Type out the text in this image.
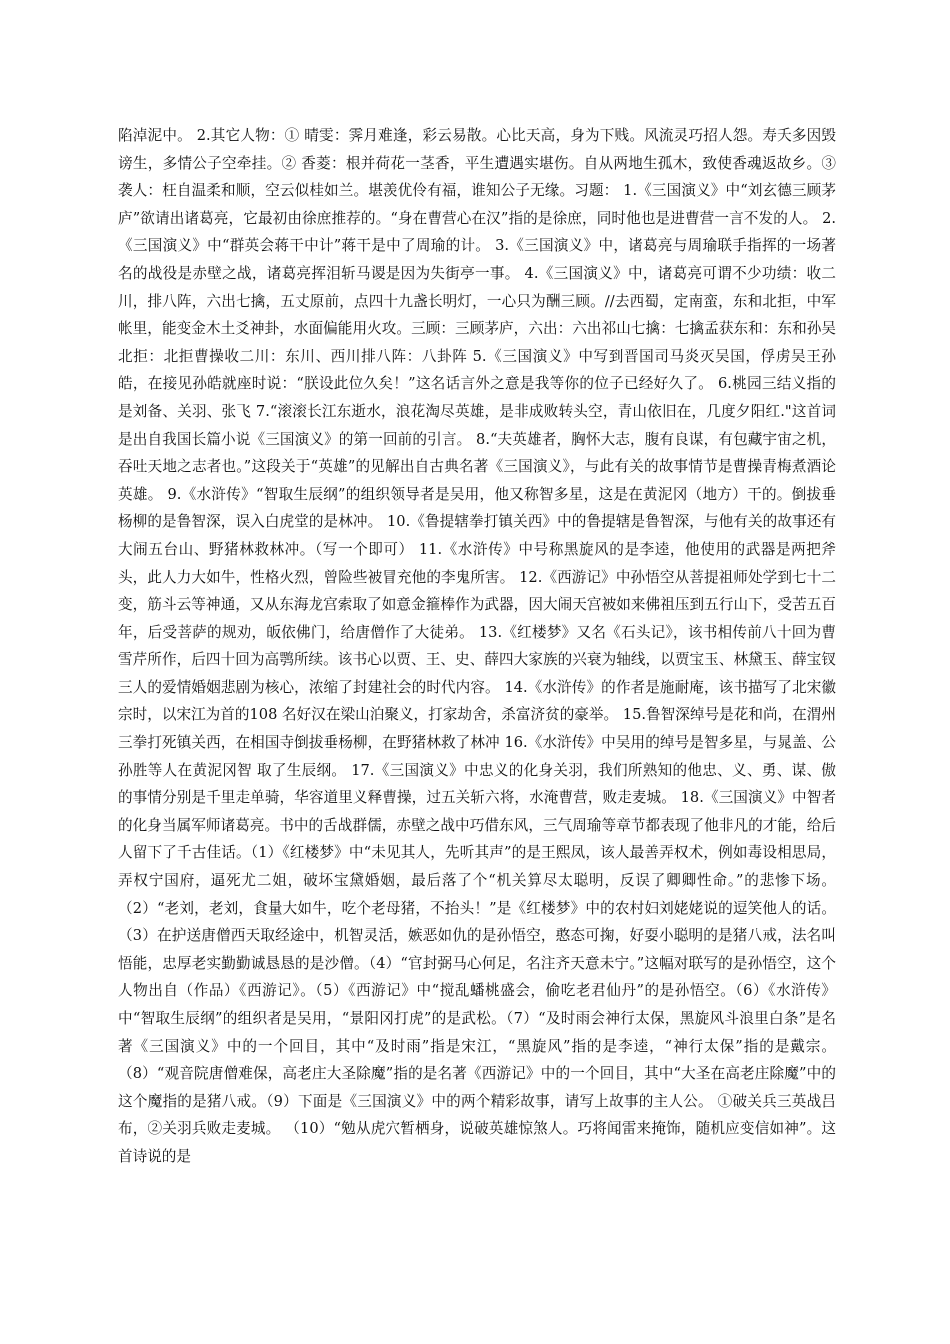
陷淖泥中。 2.其它人物：① 晴雯：霁月难逢，彩云易散。心比天高，身为下贱。风流灵巧招人怨。寿夭多因毁谤生，多情公子空牵挂。② 香菱：根并荷花一茎香，平生遭遇实堪伤。自从两地生孤木，致使香魂返故乡。③ 袭人：枉自温柔和顺，空云似桂如兰。堪羡优伶有福，谁知公子无缘。习题： 1.《三国演义》中“刘玄德三顾茅庐”欲请出诸葛亮，它最初由徐庶推荐的。“身在曹营心在汉”指的是徐庶，同时他也是进曹营一言不发的人。 2.《三国演义》中“群英会蒋干中计”蒋干是中了周瑜的计。 3.《三国演义》中，诸葛亮与周瑜联手指挥的一场著名的战役是赤壁之战，诸葛亮挥泪斩马谡是因为失街亭一事。 4.《三国演义》中，诸葛亮可谓不少功绩：收二川，排八阵，六出七擒，五丈原前，点四十九盏长明灯，一心只为酬三顾。//去西蜀，定南蛮，东和北拒，中军帐里，能变金木土爻神卦，水面偏能用火攻。三顾：三顾茅庐，六出：六出祁山七擒：七擒孟获东和：东和孙吴北拒：北拒曹操收二川：东川、西川排八阵：八卦阵 5.《三国演义》中写到晋国司马炎灭吴国，俘虏吴王孙皓，在接见孙皓就座时说：“朕设此位久矣！”这名话言外之意是我等你的位子已经好久了。 6.桃园三结义指的是刘备、关羽、张飞 7.“滚滚长江东逝水，浪花淘尽英雄，是非成败转头空，青山依旧在，几度夕阳红."这首词是出自我国长篇小说《三国演义》的第一回前的引言。 8.“夫英雄者，胸怀大志，腹有良谋，有包藏宇宙之机，吞吐天地之志者也。”这段关于“英雄”的见解出自古典名著《三国演义》，与此有关的故事情节是曹操青梅煮酒论英雄。 9.《水浒传》“智取生辰纲”的组织领导者是吴用，他又称智多星，这是在黄泥冈（地方）干的。倒拔垂杨柳的是鲁智深，误入白虎堂的是林冲。 10.《鲁提辖拳打镇关西》中的鲁提辖是鲁智深，与他有关的故事还有大闹五台山、野猪林救林冲。（写一个即可） 11.《水浒传》中号称黑旋风的是李逵，他使用的武器是两把斧头，此人力大如牛，性格火烈，曾险些被冒充他的李鬼所害。 12.《西游记》中孙悟空从菩提祖师处学到七十二变，筋斗云等神通，又从东海龙宫索取了如意金箍棒作为武器，因大闹天宫被如来佛祖压到五行山下，受苦五百年，后受菩萨的规劝，皈依佛门，给唐僧作了大徒弟。 13.《红楼梦》又名《石头记》，该书相传前八十回为曹雪芹所作，后四十回为高鹗所续。该书心以贾、王、史、薛四大家族的兴衰为轴线，以贾宝玉、林黛玉、薛宝钗三人的爱情婚姻悲剧为核心，浓缩了封建社会的时代内容。 14.《水浒传》的作者是施耐庵，该书描写了北宋徽宗时，以宋江为首的108 名好汉在梁山泊聚义，打家劫舍，杀富济贫的豪举。 15.鲁智深绰号是花和尚，在渭州三拳打死镇关西，在相国寺倒拔垂杨柳，在野猪林救了林冲 16.《水浒传》中吴用的绰号是智多星，与晁盖、公孙胜等人在黄泥冈智 取了生辰纲。 17.《三国演义》中忠义的化身关羽，我们所熟知的他忠、义、勇、谋、傲的事情分别是千里走单骑，华容道里义释曹操，过五关斩六将，水淹曹营，败走麦城。 18.《三国演义》中智者的化身当属军师诸葛亮。书中的舌战群儒，赤壁之战中巧借东风，三气周瑜等章节都表现了他非凡的才能，给后人留下了千古佳话。（1）《红楼梦》中“未见其人，先听其声”的是王熙凤，该人最善弄权术，例如毒设相思局，弄权宁国府，逼死尤二姐，破坏宝黛婚姻，最后落了个“机关算尽太聪明，反误了卿卿性命。”的悲惨下场。（2）“老刘，老刘，食量大如牛，吃个老母猪，不抬头！”是《红楼梦》中的农村妇刘姥姥说的逗笑他人的话。（3）在护送唐僧西天取经途中，机智灵活，嫉恶如仇的是孙悟空，憨态可掬，好耍小聪明的是猪八戒，法名叫悟能，忠厚老实勤勤诚恳恳的是沙僧。（4）“官封弼马心何足，名注齐天意未宁。”这幅对联写的是孙悟空，这个人物出自（作品）《西游记》。（5）《西游记》中“搅乱蟠桃盛会，偷吃老君仙丹”的是孙悟空。（6）《水浒传》中“智取生辰纲”的组织者是吴用，“景阳冈打虎”的是武松。（7）“及时雨会神行太保，黑旋风斗浪里白条”是名著《三国演义》中的一个回目，其中“及时雨”指是宋江，“黑旋风”指的是李逵，“神行太保”指的是戴宗。（8）“观音院唐僧难保，高老庄大圣除魔”指的是名著《西游记》中的一个回目，其中“大圣在高老庄除魔”中的这个魔指的是猪八戒。（9）下面是《三国演义》中的两个精彩故事，请写上故事的主人公。 ①破关兵三英战吕布，②关羽兵败走麦城。 （10）“勉从虎穴暂栖身，说破英雄惊煞人。巧将闻雷来掩饰，随机应变信如神”。这首诗说的是
